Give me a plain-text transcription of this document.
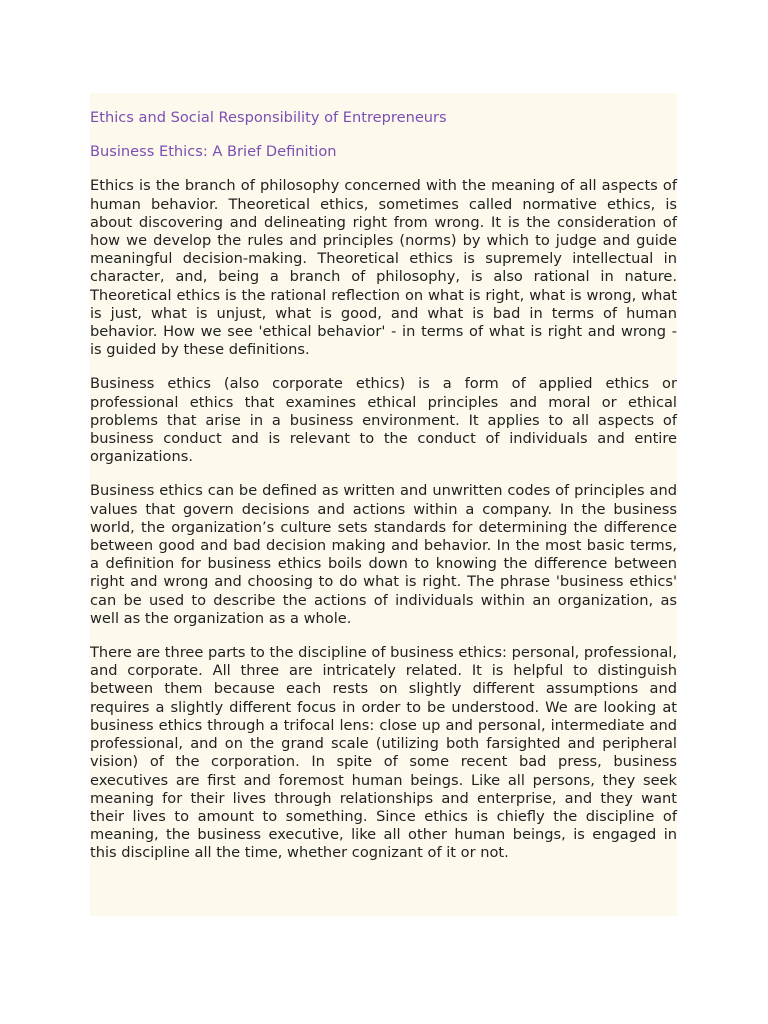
Ethics and Social Responsibility of Entrepreneurs
Business Ethics: A Brief Definition

Ethics is the branch of philosophy concerned with the meaning of all aspects of human behavior. Theoretical ethics, sometimes called normative ethics, is about discovering and delineating right from wrong. It is the consideration of how we develop the rules and principles (norms) by which to judge and guide meaningful decision-making. Theoretical ethics is supremely intellectual in character, and, being a branch of philosophy, is also rational in nature. Theoretical ethics is the rational reflection on what is right, what is wrong, what is just, what is unjust, what is good, and what is bad in terms of human behavior. How we see 'ethical behavior' - in terms of what is right and wrong - is guided by these definitions.

Business ethics (also corporate ethics) is a form of applied ethics or professional ethics that examines ethical principles and moral or ethical problems that arise in a business environment. It applies to all aspects of business conduct and is relevant to the conduct of individuals and entire organizations.

Business ethics can be defined as written and unwritten codes of principles and values that govern decisions and actions within a company. In the business world, the organization’s culture sets standards for determining the difference between good and bad decision making and behavior. In the most basic terms, a definition for business ethics boils down to knowing the difference between right and wrong and choosing to do what is right. The phrase 'business ethics' can be used to describe the actions of individuals within an organization, as well as the organization as a whole.

There are three parts to the discipline of business ethics: personal, professional, and corporate. All three are intricately related. It is helpful to distinguish between them because each rests on slightly different assumptions and requires a slightly different focus in order to be understood. We are looking at business ethics through a trifocal lens: close up and personal, intermediate and professional, and on the grand scale (utilizing both farsighted and peripheral vision) of the corporation. In spite of some recent bad press, business executives are first and foremost human beings. Like all persons, they seek meaning for their lives through relationships and enterprise, and they want their lives to amount to something. Since ethics is chiefly the discipline of meaning, the business executive, like all other human beings, is engaged in this discipline all the time, whether cognizant of it or not.
